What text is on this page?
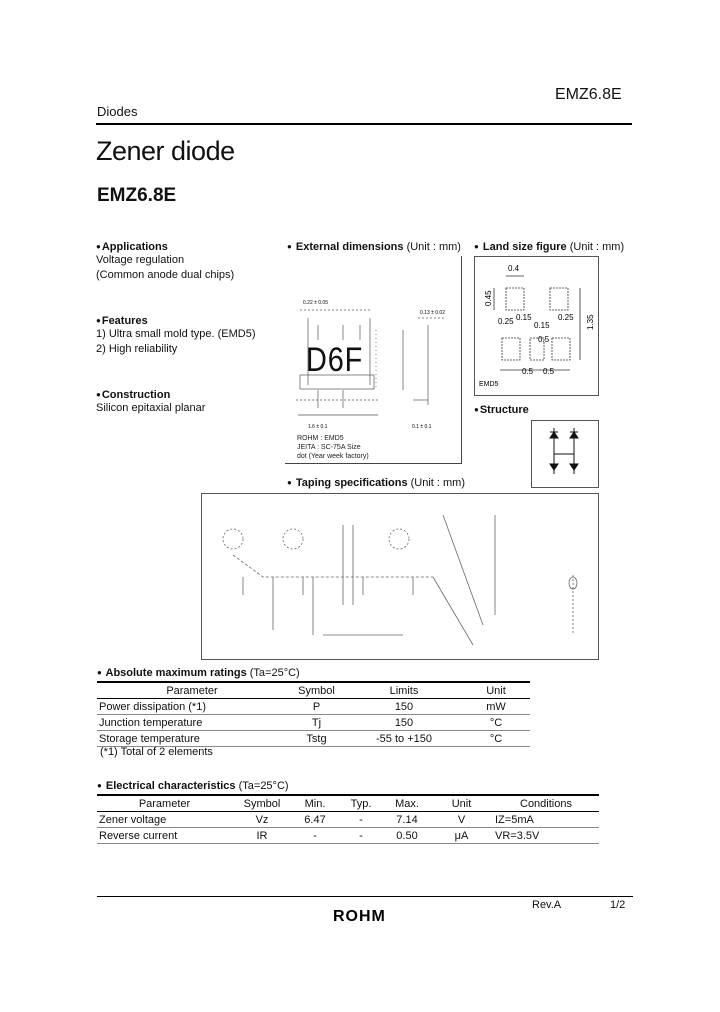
Diodes
EMZ6.8E
Zener diode
EMZ6.8E
● Applications
Voltage regulation
(Common anode dual chips)
● Features
1) Ultra small mold type. (EMD5)
2) High reliability
● Construction
Silicon epitaxial planar
● External dimensions (Unit : mm)
0.22 ± 0.05
0.13 ± 0.02
0.1 ± 0.1
1.6 ± 0.1
D6F
ROHM : EMD5
JEITA : SC-75A Size
dot (Year week factory)
● Land size figure (Unit : mm)
0.4
0.45
0.25 0.15
0.15
0.25 1.35
0.5 0.5
0.5
EMD5
● Structure
● Taping specifications (Unit : mm)
● Absolute maximum ratings (Ta=25°C)
Parameter	Symbol	Limits	Unit
Power dissipation (*1)	P	150	mW
Junction temperature	Tj	150	°C
Storage temperature	Tstg	-55 to +150	°C
(*1) Total of 2 elements
● Electrical characteristics (Ta=25°C)
Parameter	Symbol	Min.	Typ.	Max.	Unit	Conditions
Zener voltage	Vz	6.47	-	7.14	V	IZ=5mA
Reverse current	IR	-	-	0.50	μA	VR=3.5V
Rev.A	1/2
ROHM
